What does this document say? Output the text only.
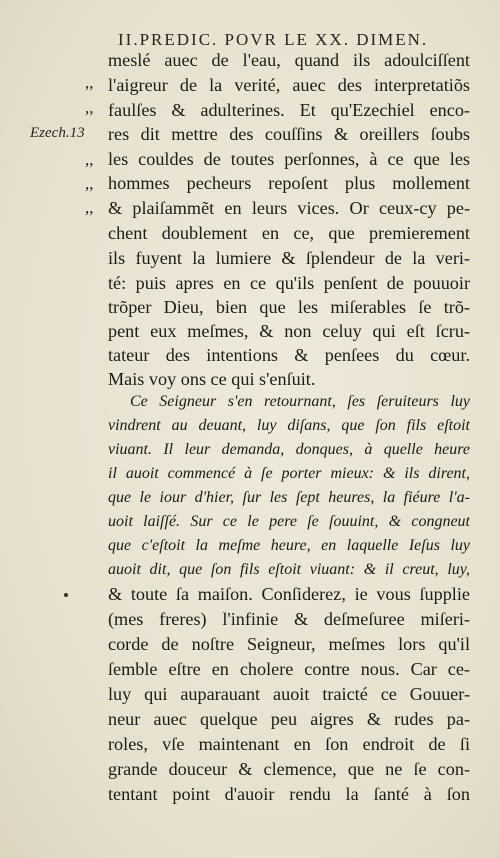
II.PREDIC. POVR LE XX. DIMEN.
Ezech.13
,,
,,
,,
,,
,,
meslé auec de l'eau, quand ils adoulciſſent
l'aigreur de la verité, auec des interpretatiõs
faulſes & adulterines. Et qu'Ezechiel enco-
res dit mettre des couſſins & oreillers ſoubs
les couldes de toutes perſonnes, à ce que les
hommes pecheurs repoſent plus mollement
& plaiſammẽt en leurs vices. Or ceux-cy pe-
chent doublement en ce, que premierement
ils fuyent la lumiere & ſplendeur de la veri-
té: puis apres en ce qu'ils penſent de pouuoir
trõper Dieu, bien que les miſerables ſe trõ-
pent eux meſmes, & non celuy qui eſt ſcru-
tateur des intentions & penſees du cœur.
Mais voy ons ce qui s'enſuit.
Ce Seigneur s'en retournant, ſes ſeruiteurs luy
vindrent au deuant, luy diſans, que ſon fils eſtoit
viuant. Il leur demanda, donques, à quelle heure
il auoit commencé à ſe porter mieux: & ils dirent,
que le iour d'hier, ſur les ſept heures, la fiéure l'a-
uoit laiſſé. Sur ce le pere ſe ſouuint, & congneut
que c'eſtoit la meſme heure, en laquelle Ieſus luy
auoit dit, que ſon fils eſtoit viuant: & il creut, luy,
& toute ſa maiſon. Conſiderez, ie vous ſupplie
(mes freres) l'infinie & deſmeſuree miſeri-
corde de noſtre Seigneur, meſmes lors qu'il
ſemble eſtre en cholere contre nous. Car ce-
luy qui auparauant auoit traicté ce Gouuer-
neur auec quelque peu aigres & rudes pa-
roles, vſe maintenant en ſon endroit de ſi
grande douceur & clemence, que ne ſe con-
tentant point d'auoir rendu la ſanté à ſon
